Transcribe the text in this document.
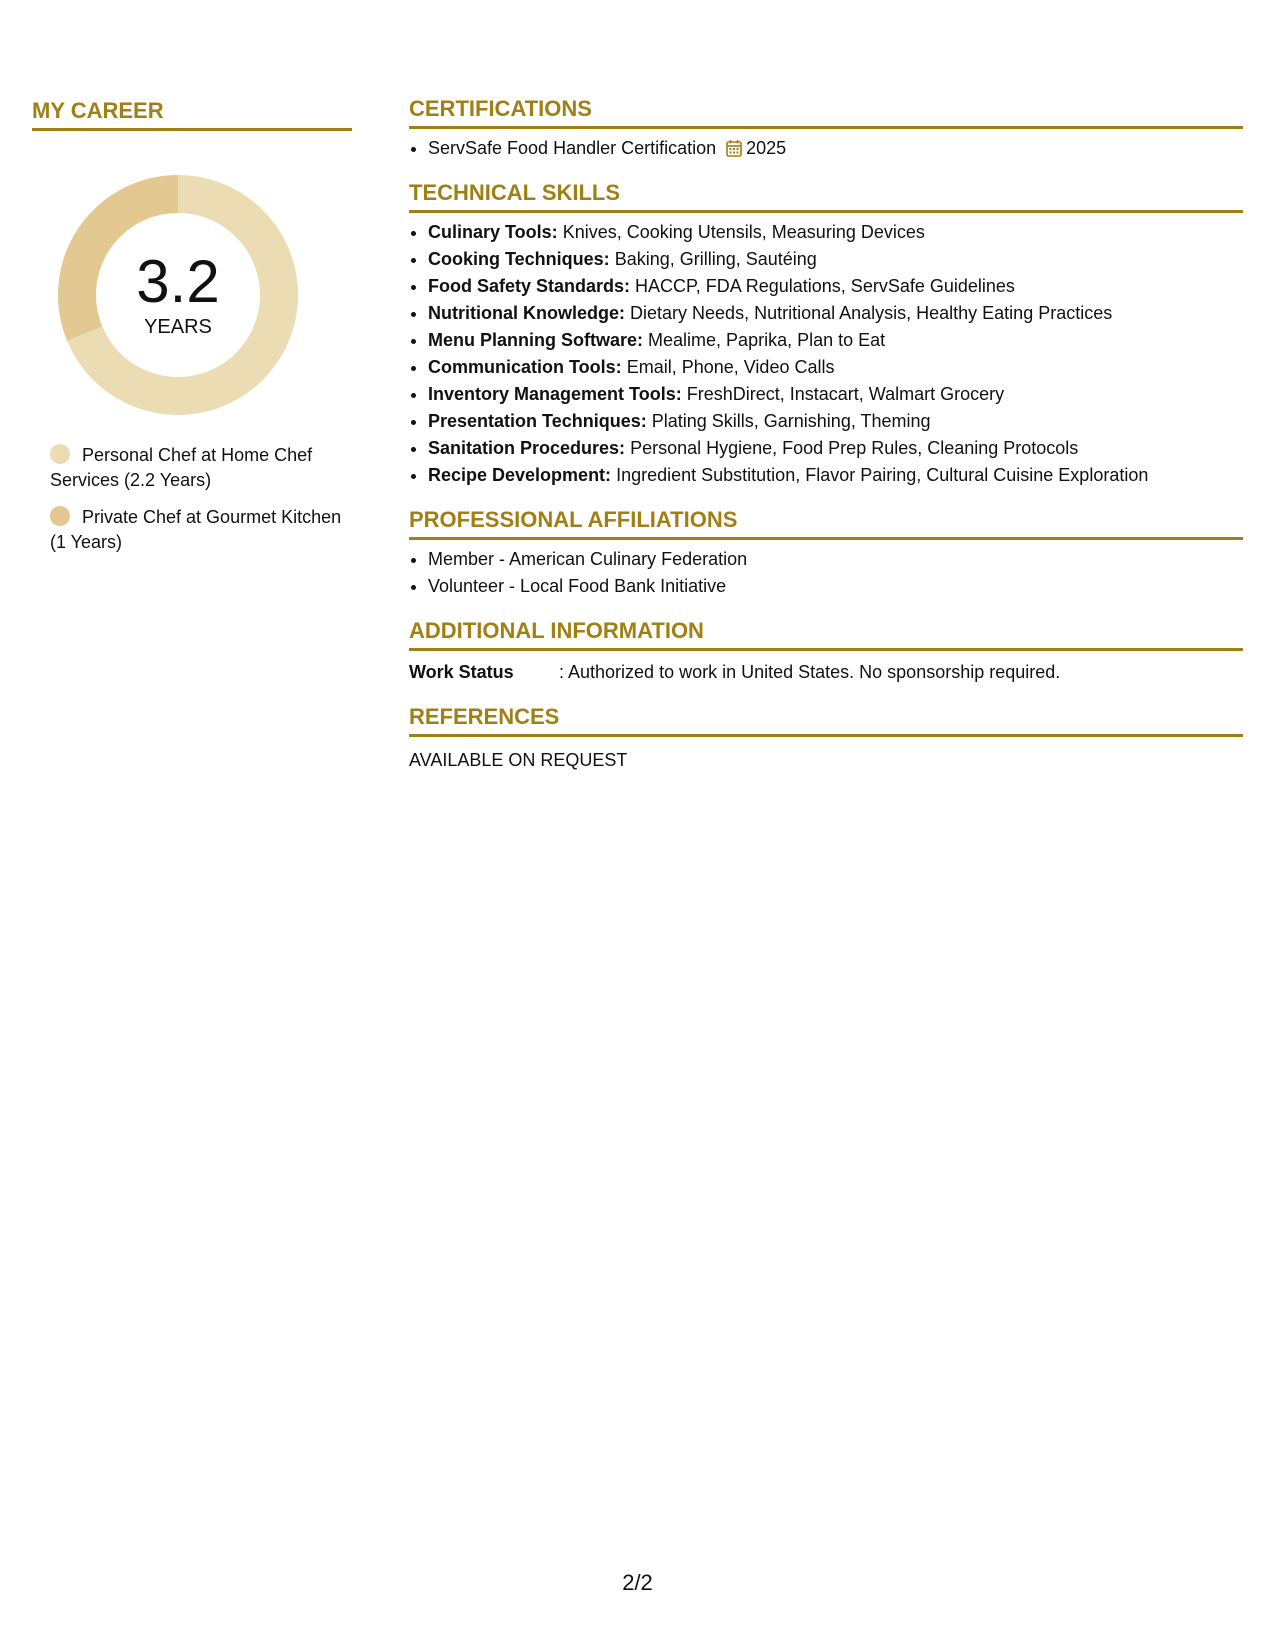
MY CAREER
3.2
YEARS
Personal Chef at Home Chef Services (2.2 Years)
Private Chef at Gourmet Kitchen (1 Years)
CERTIFICATIONS
• ServSafe Food Handler Certification 2025
TECHNICAL SKILLS
• Culinary Tools: Knives, Cooking Utensils, Measuring Devices
• Cooking Techniques: Baking, Grilling, Sautéing
• Food Safety Standards: HACCP, FDA Regulations, ServSafe Guidelines
• Nutritional Knowledge: Dietary Needs, Nutritional Analysis, Healthy Eating Practices
• Menu Planning Software: Mealime, Paprika, Plan to Eat
• Communication Tools: Email, Phone, Video Calls
• Inventory Management Tools: FreshDirect, Instacart, Walmart Grocery
• Presentation Techniques: Plating Skills, Garnishing, Theming
• Sanitation Procedures: Personal Hygiene, Food Prep Rules, Cleaning Protocols
• Recipe Development: Ingredient Substitution, Flavor Pairing, Cultural Cuisine Exploration
PROFESSIONAL AFFILIATIONS
• Member - American Culinary Federation
• Volunteer - Local Food Bank Initiative
ADDITIONAL INFORMATION
Work Status	: Authorized to work in United States. No sponsorship required.
REFERENCES
AVAILABLE ON REQUEST
2/2
